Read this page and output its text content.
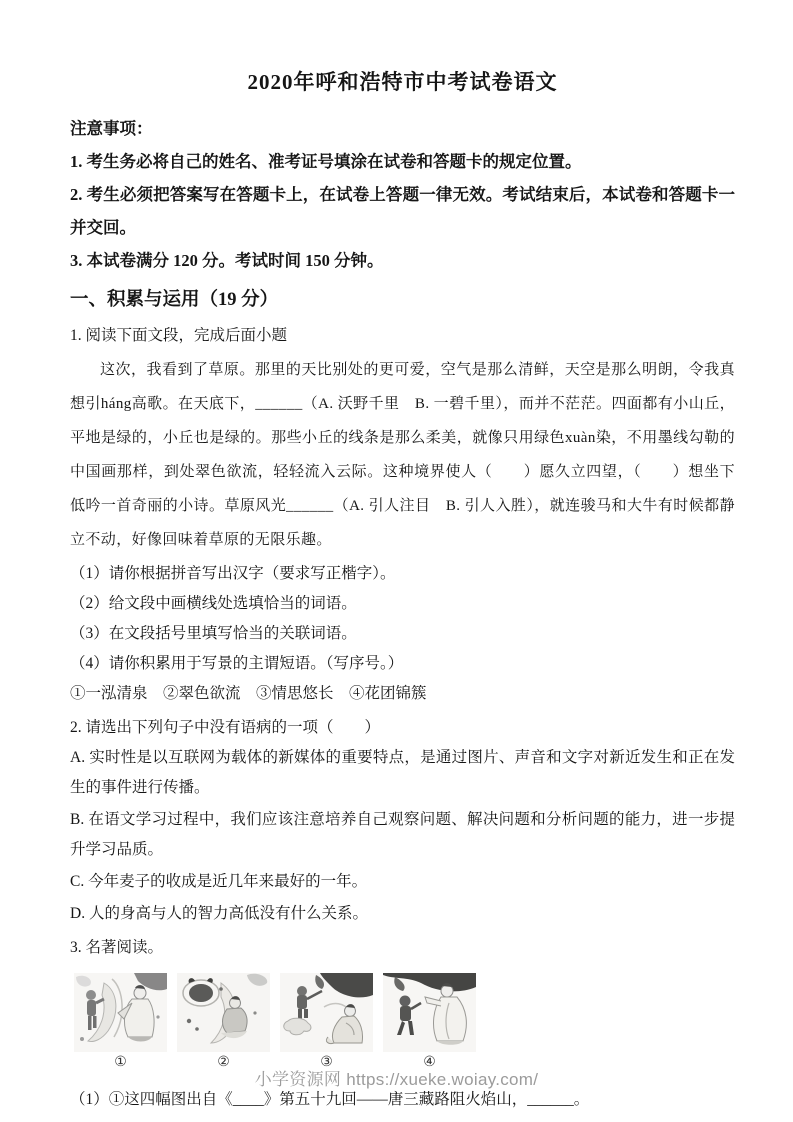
2020年呼和浩特市中考试卷语文

注意事项：

1. 考生务必将自己的姓名、准考证号填涂在试卷和答题卡的规定位置。

2. 考生必须把答案写在答题卡上，在试卷上答题一律无效。考试结束后，本试卷和答题卡一并交回。

3. 本试卷满分 120 分。考试时间 150 分钟。

一、积累与运用（19 分）

1. 阅读下面文段，完成后面小题

这次，我看到了草原。那里的天比别处的更可爱，空气是那么清鲜，天空是那么明朗，令我真想引háng高歌。在天底下，______（A. 沃野千里　B. 一碧千里），而并不茫茫。四面都有小山丘，平地是绿的，小丘也是绿的。那些小丘的线条是那么柔美，就像只用绿色xuàn染，不用墨线勾勒的中国画那样，到处翠色欲流，轻轻流入云际。这种境界使人（　　）愿久立四望，（　　）想坐下低吟一首奇丽的小诗。草原风光______（A. 引人注目　B. 引人入胜），就连骏马和大牛有时候都静立不动，好像回味着草原的无限乐趣。

（1）请你根据拼音写出汉字（要求写正楷字）。

（2）给文段中画横线处选填恰当的词语。

（3）在文段括号里填写恰当的关联词语。

（4）请你积累用于写景的主谓短语。（写序号。）

①一泓清泉　②翠色欲流　③情思悠长　④花团锦簇

2. 请选出下列句子中没有语病的一项（　　）

A. 实时性是以互联网为载体的新媒体的重要特点，是通过图片、声音和文字对新近发生和正在发生的事件进行传播。

B. 在语文学习过程中，我们应该注意培养自己观察问题、解决问题和分析问题的能力，进一步提升学习品质。

C. 今年麦子的收成是近几年来最好的一年。

D. 人的身高与人的智力高低没有什么关系。

3. 名著阅读。

①	②	③	④

（1）①这四幅图出自《____》第五十九回——唐三藏路阻火焰山，______。

小学资源网 https://xueke.woiay.com/
